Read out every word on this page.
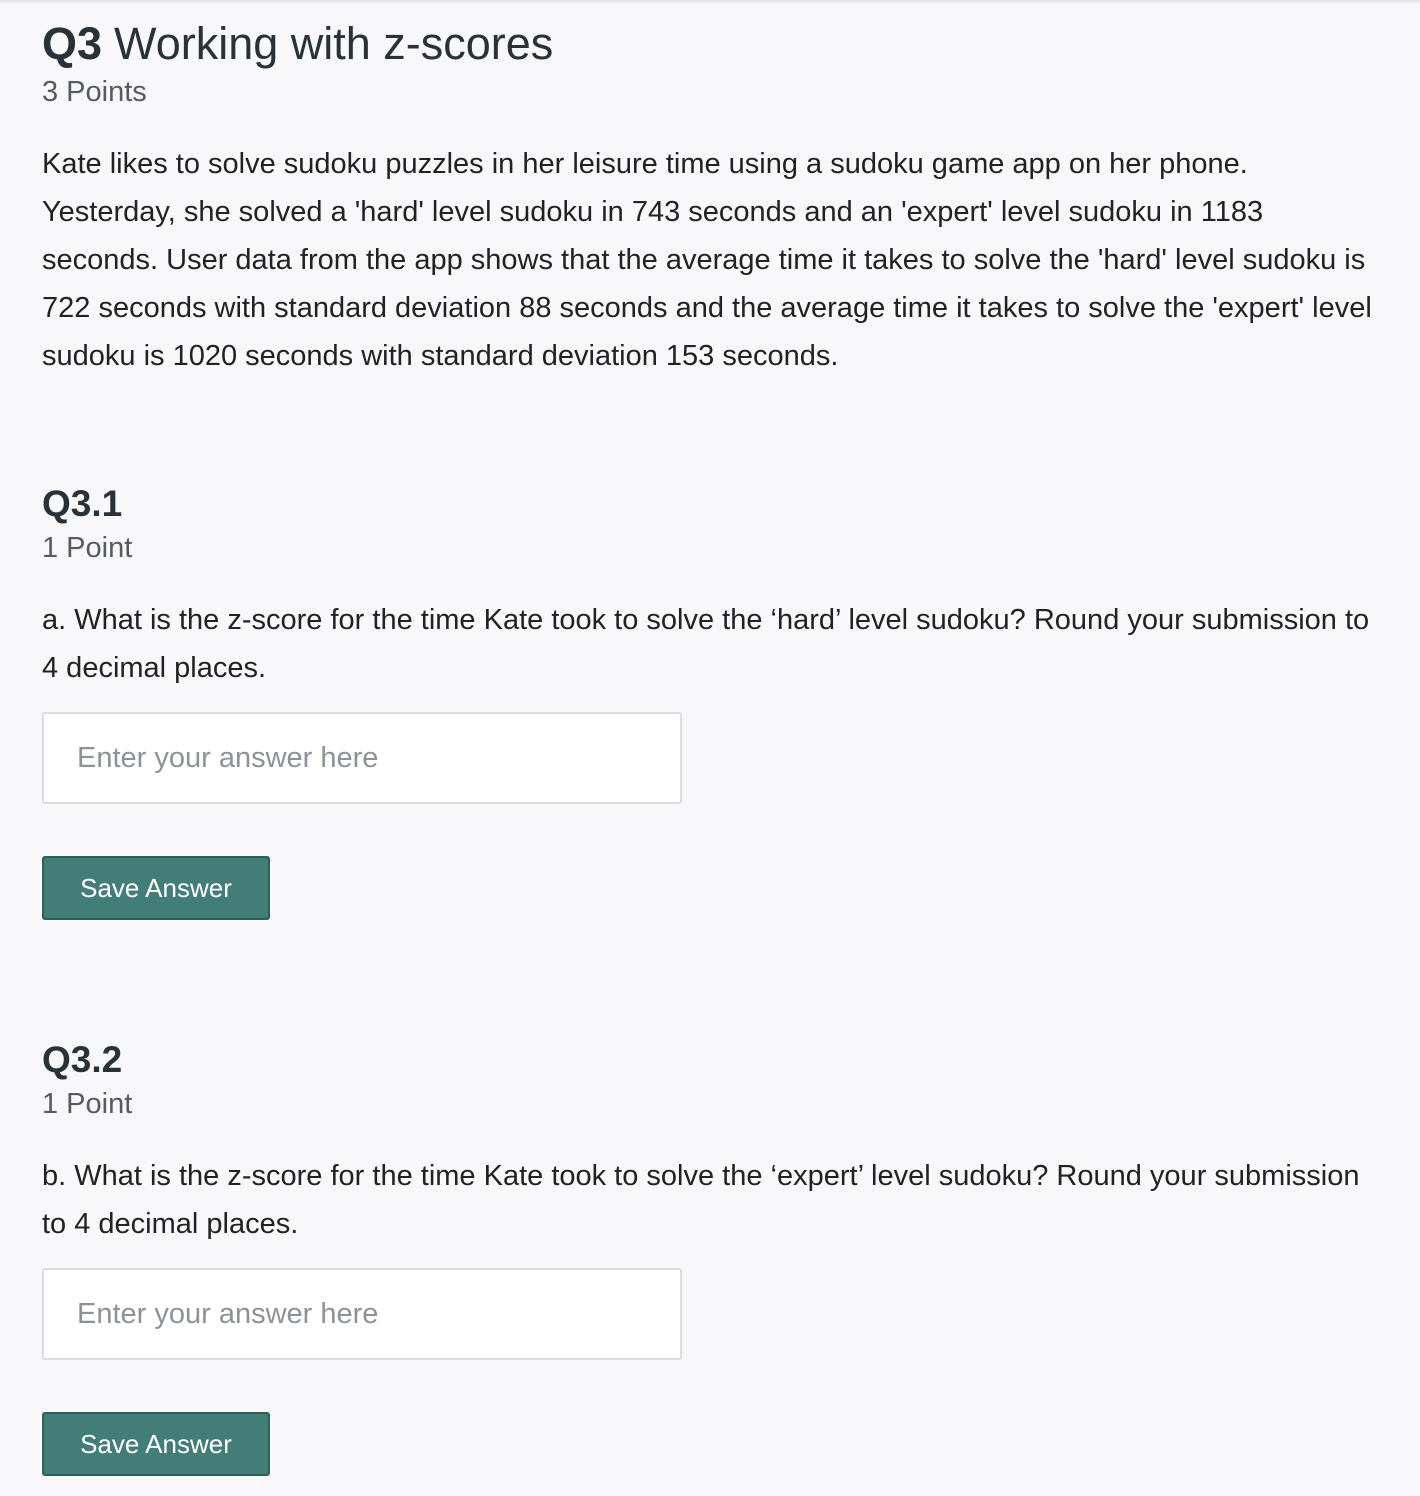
Q3 Working with z-scores
3 Points

Kate likes to solve sudoku puzzles in her leisure time using a sudoku game app on her phone. Yesterday, she solved a 'hard' level sudoku in 743 seconds and an 'expert' level sudoku in 1183 seconds. User data from the app shows that the average time it takes to solve the 'hard' level sudoku is 722 seconds with standard deviation 88 seconds and the average time it takes to solve the 'expert' level sudoku is 1020 seconds with standard deviation 153 seconds.

Q3.1
1 Point

a. What is the z-score for the time Kate took to solve the ‘hard’ level sudoku? Round your submission to 4 decimal places.

Enter your answer here
Save Answer
Q3.2
1 Point

b. What is the z-score for the time Kate took to solve the ‘expert’ level sudoku? Round your submission to 4 decimal places.

Enter your answer here
Save Answer
